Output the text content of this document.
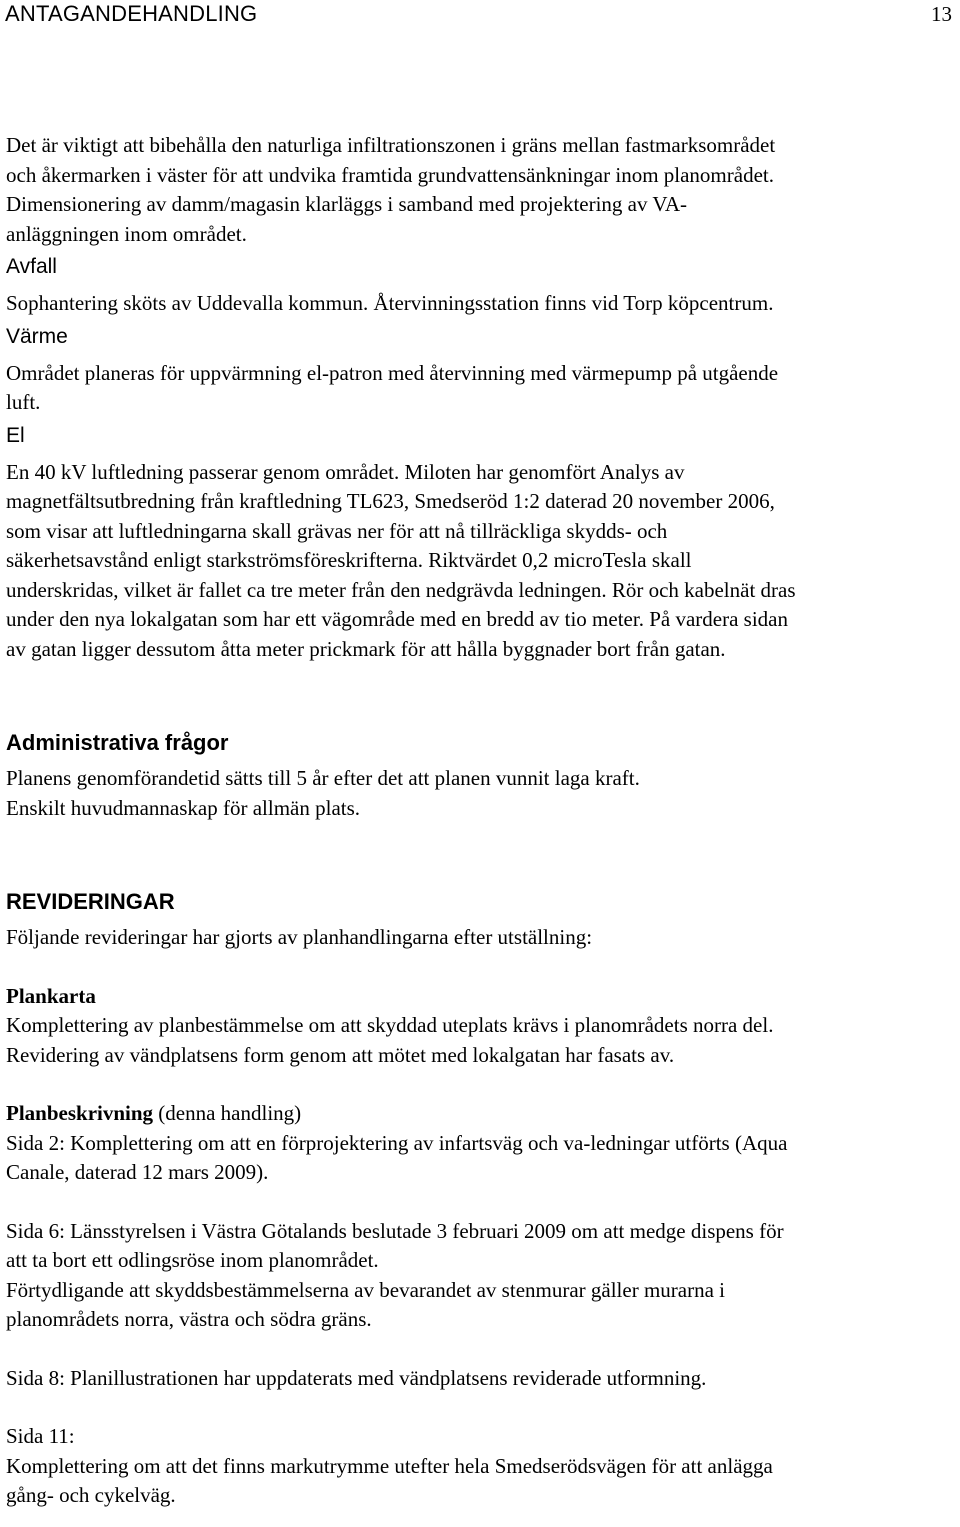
ANTAGANDEHANDLING	13

Det är viktigt att bibehålla den naturliga infiltrationszonen i gräns mellan fastmarksområdet

och åkermarken i väster för att undvika framtida grundvattensänkningar inom planområdet.

Dimensionering av damm/magasin klarläggs i samband med projektering av VA-

anläggningen inom området.

Avfall

Sophantering sköts av Uddevalla kommun. Återvinningsstation finns vid Torp köpcentrum.

Värme

Området planeras för uppvärmning el-patron med återvinning med värmepump på utgående

luft.

El

En 40 kV luftledning passerar genom området. Miloten har genomfört Analys av

magnetfältsutbredning från kraftledning TL623, Smedseröd 1:2 daterad 20 november 2006,

som visar att luftledningarna skall grävas ner för att nå tillräckliga skydds- och

säkerhetsavstånd enligt starkströmsföreskrifterna. Riktvärdet 0,2 microTesla skall

underskridas, vilket är fallet ca tre meter från den nedgrävda ledningen. Rör och kabelnät dras

under den nya lokalgatan som har ett vägområde med en bredd av tio meter. På vardera sidan

av gatan ligger dessutom åtta meter prickmark för att hålla byggnader bort från gatan.

Administrativa frågor

Planens genomförandetid sätts till 5 år efter det att planen vunnit laga kraft.

Enskilt huvudmannaskap för allmän plats.

REVIDERINGAR

Följande revideringar har gjorts av planhandlingarna efter utställning:

Plankarta

Komplettering av planbestämmelse om att skyddad uteplats krävs i planområdets norra del.

Revidering av vändplatsens form genom att mötet med lokalgatan har fasats av.

Planbeskrivning (denna handling)

Sida 2: Komplettering om att en förprojektering av infartsväg och va-ledningar utförts (Aqua

Canale, daterad 12 mars 2009).

Sida 6: Länsstyrelsen i Västra Götalands beslutade 3 februari 2009 om att medge dispens för

att ta bort ett odlingsröse inom planområdet.

Förtydligande att skyddsbestämmelserna av bevarandet av stenmurar gäller murarna i

planområdets norra, västra och södra gräns.

Sida 8: Planillustrationen har uppdaterats med vändplatsens reviderade utformning.

Sida 11:

Komplettering om att det finns markutrymme utefter hela Smedserödsvägen för att anlägga

gång- och cykelväg.
